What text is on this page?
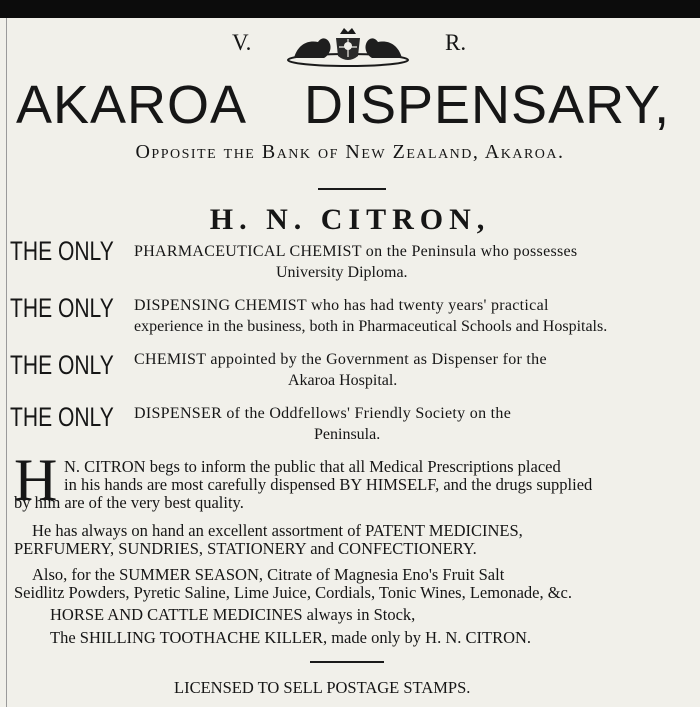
V.	R.
AKAROA DISPENSARY,
Opposite the Bank of New Zealand, Akaroa.
H. N. CITRON,
THE ONLY PHARMACEUTICAL CHEMIST on the Peninsula who possesses
University Diploma.
THE ONLY DISPENSING CHEMIST who has had twenty years' practical
experience in the business, both in Pharmaceutical Schools and Hospitals.
THE ONLY CHEMIST appointed by the Government as Dispenser for the
Akaroa Hospital.
THE ONLY DISPENSER of the Oddfellows' Friendly Society on the
Peninsula.
H N. CITRON begs to inform the public that all Medical Prescriptions placed
in his hands are most carefully dispensed BY HIMSELF, and the drugs supplied
by him are of the very best quality.
He has always on hand an excellent assortment of PATENT MEDICINES,
PERFUMERY, SUNDRIES, STATIONERY and CONFECTIONERY.
Also, for the SUMMER SEASON, Citrate of Magnesia Eno's Fruit Salt
Seidlitz Powders, Pyretic Saline, Lime Juice, Cordials, Tonic Wines, Lemonade, &c.
HORSE AND CATTLE MEDICINES always in Stock,
The SHILLING TOOTHACHE KILLER, made only by H. N. CITRON.
LICENSED TO SELL POSTAGE STAMPS.
